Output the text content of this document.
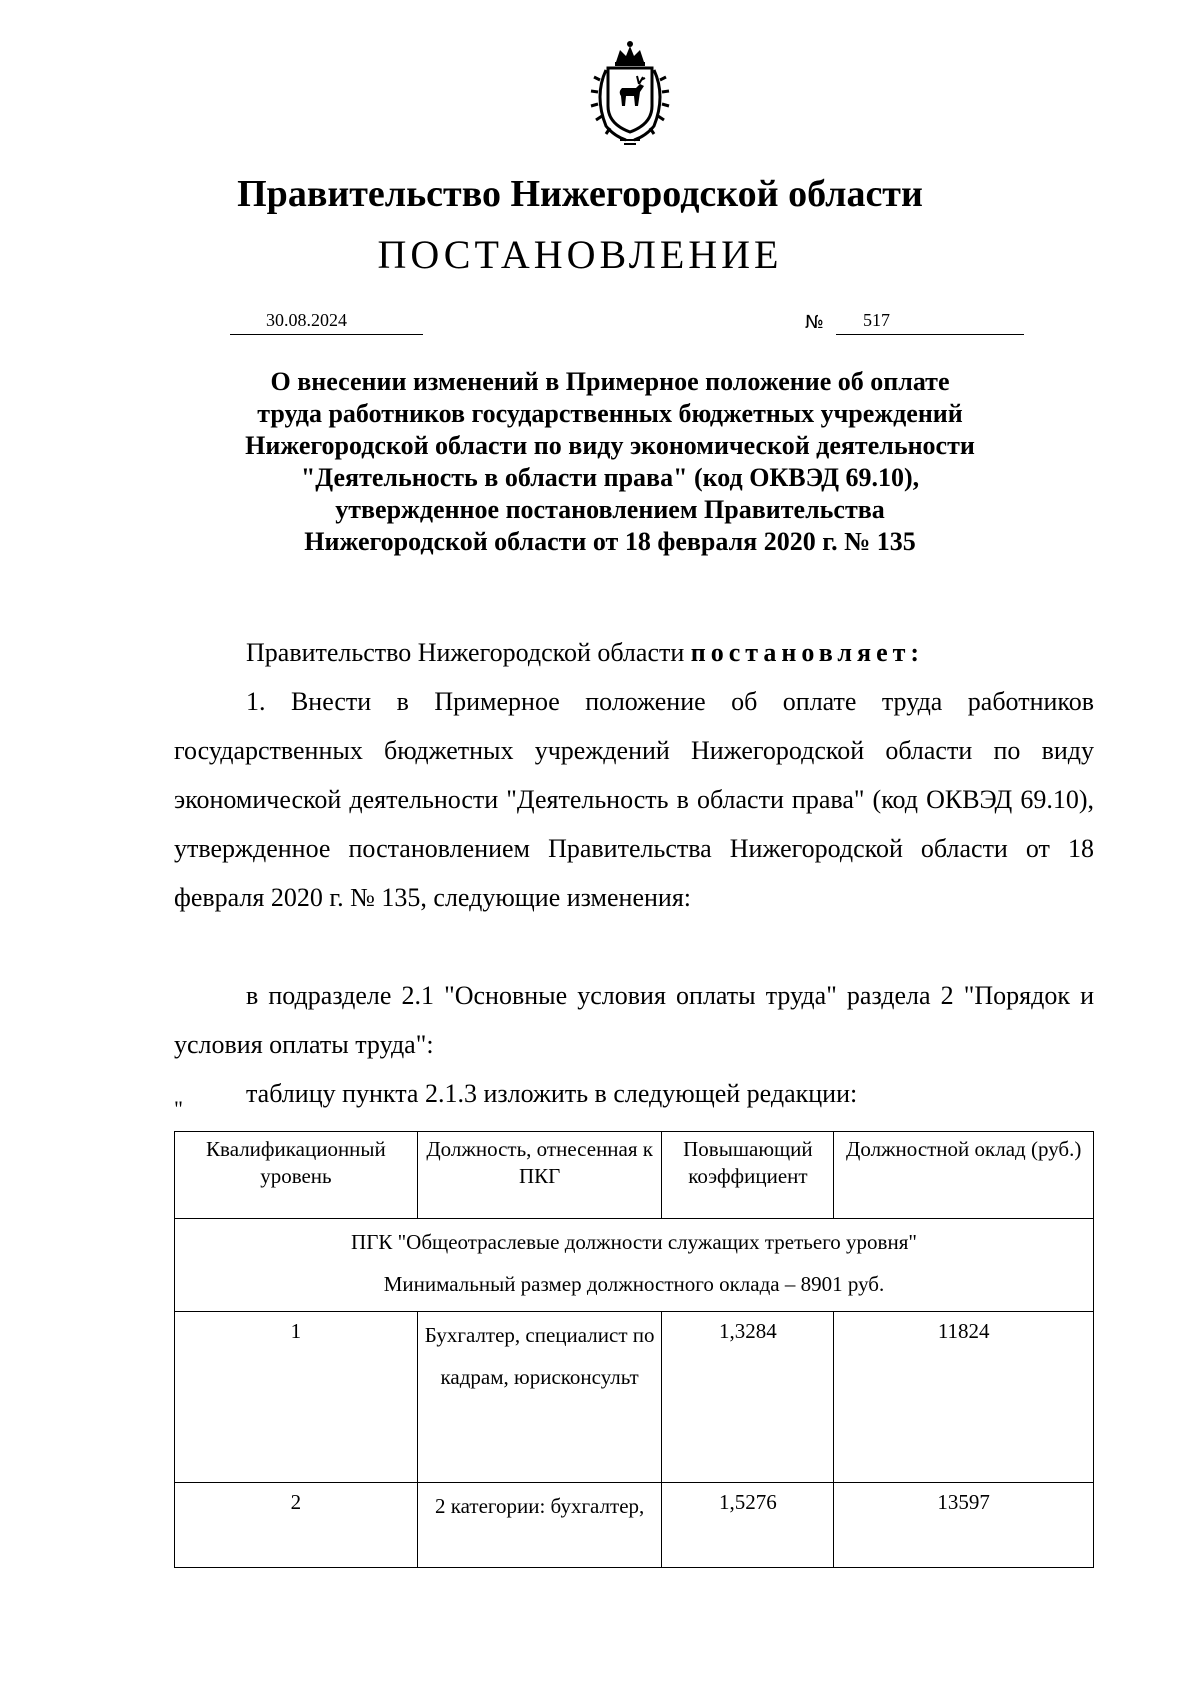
Правительство Нижегородской области
ПОСТАНОВЛЕНИЕ
30.08.2024	№ 517
О внесении изменений в Примерное положение об оплате
труда работников государственных бюджетных учреждений
Нижегородской области по виду экономической деятельности
"Деятельность в области права" (код ОКВЭД 69.10),
утвержденное постановлением Правительства
Нижегородской области от 18 февраля 2020 г. № 135
Правительство Нижегородской области постановляет:
1. Внести в Примерное положение об оплате труда работников государственных бюджетных учреждений Нижегородской области по виду экономической деятельности "Деятельность в области права" (код ОКВЭД 69.10), утвержденное постановлением Правительства Нижегородской области от 18 февраля 2020 г. № 135, следующие изменения:
в подразделе 2.1 "Основные условия оплаты труда" раздела 2 "Порядок и условия оплаты труда":
таблицу пункта 2.1.3 изложить в следующей редакции:
"
Квалификационный уровень	Должность, отнесенная к ПКГ	Повышающий коэффициент	Должностной оклад (руб.)

ПГК "Общеотраслевые должности служащих третьего уровня"
Минимальный размер должностного оклада – 8901 руб.			

1	Бухгалтер, специалист по кадрам, юрисконсульт	1,3284	11824
2	2 категории: бухгалтер,	1,5276	13597
